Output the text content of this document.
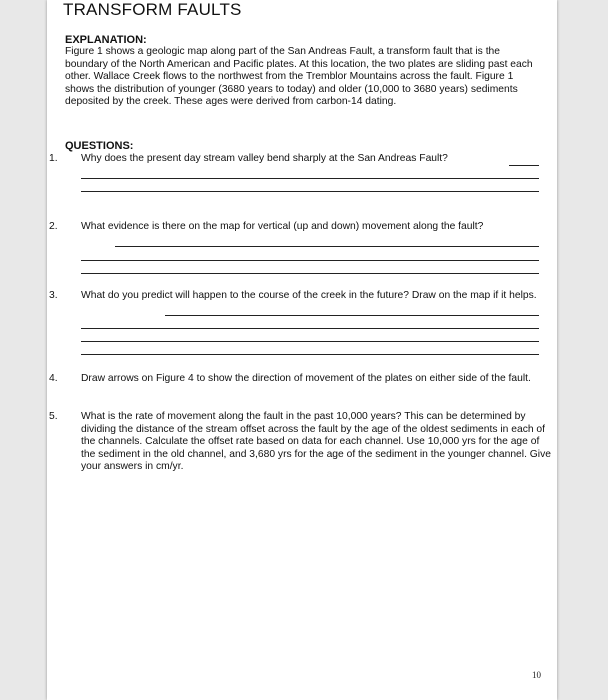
TRANSFORM FAULTS
EXPLANATION:
Figure 1 shows a geologic map along part of the San Andreas Fault, a transform fault that is the boundary of the North American and Pacific plates. At this location, the two plates are sliding past each other. Wallace Creek flows to the northwest from the Tremblor Mountains across the fault. Figure 1 shows the distribution of younger (3680 years to today) and older (10,000 to 3680 years) sediments deposited by the creek. These ages were derived from carbon-14 dating.
QUESTIONS:
1. Why does the present day stream valley bend sharply at the San Andreas Fault?
2. What evidence is there on the map for vertical (up and down) movement along the fault?
3. What do you predict will happen to the course of the creek in the future? Draw on the map if it helps.
4. Draw arrows on Figure 4 to show the direction of movement of the plates on either side of the fault.
5. What is the rate of movement along the fault in the past 10,000 years? This can be determined by dividing the distance of the stream offset across the fault by the age of the oldest sediments in each of the channels. Calculate the offset rate based on data for each channel. Use 10,000 yrs for the age of the sediment in the old channel, and 3,680 yrs for the age of the sediment in the younger channel. Give your answers in cm/yr.
10
